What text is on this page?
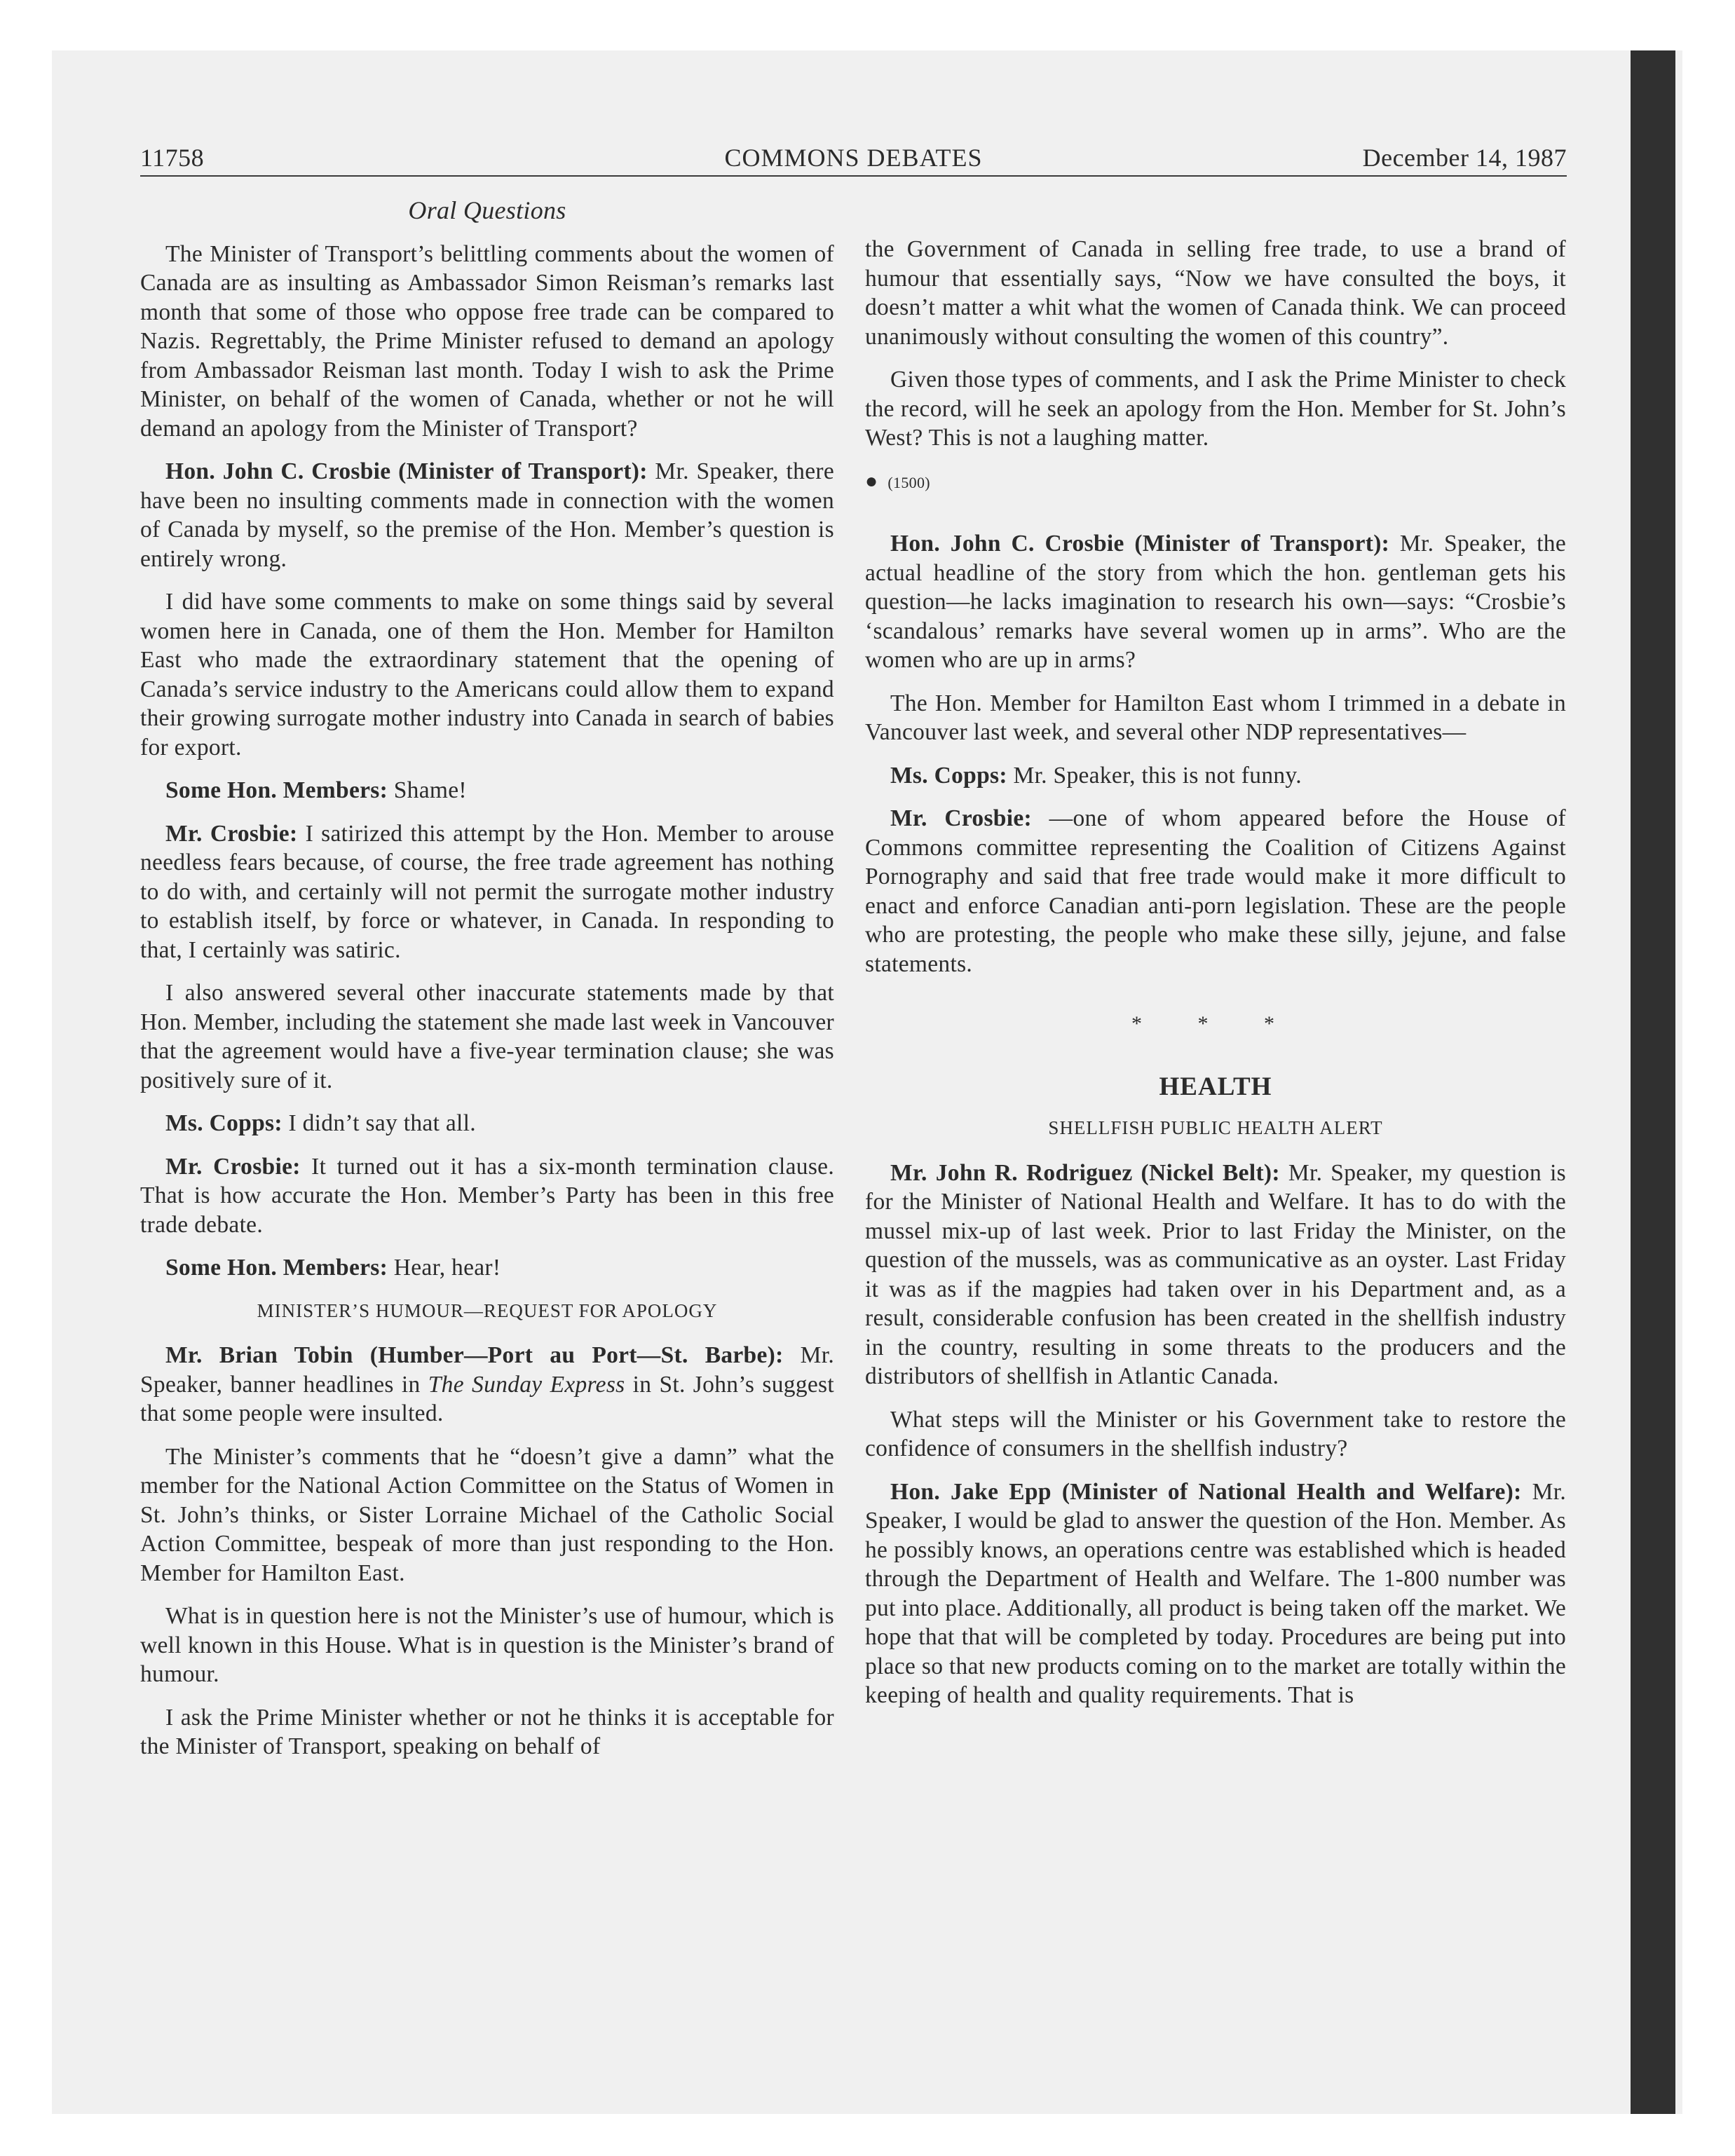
11758	COMMONS DEBATES	December 14, 1987
Oral Questions

The Minister of Transport’s belittling comments about the women of Canada are as insulting as Ambassador Simon Reisman’s remarks last month that some of those who oppose free trade can be compared to Nazis. Regrettably, the Prime Minister refused to demand an apology from Ambassador Reisman last month. Today I wish to ask the Prime Minister, on behalf of the women of Canada, whether or not he will demand an apology from the Minister of Transport?

Hon. John C. Crosbie (Minister of Transport): Mr. Speaker, there have been no insulting comments made in connection with the women of Canada by myself, so the premise of the Hon. Member’s question is entirely wrong.

I did have some comments to make on some things said by several women here in Canada, one of them the Hon. Member for Hamilton East who made the extraordinary statement that the opening of Canada’s service industry to the Americans could allow them to expand their growing surrogate mother industry into Canada in search of babies for export.

Some Hon. Members: Shame!

Mr. Crosbie: I satirized this attempt by the Hon. Member to arouse needless fears because, of course, the free trade agreement has nothing to do with, and certainly will not permit the surrogate mother industry to establish itself, by force or whatever, in Canada. In responding to that, I certainly was satiric.

I also answered several other inaccurate statements made by that Hon. Member, including the statement she made last week in Vancouver that the agreement would have a five-year termination clause; she was positively sure of it.

Ms. Copps: I didn’t say that all.

Mr. Crosbie: It turned out it has a six-month termination clause. That is how accurate the Hon. Member’s Party has been in this free trade debate.

Some Hon. Members: Hear, hear!

MINISTER’S HUMOUR—REQUEST FOR APOLOGY

Mr. Brian Tobin (Humber—Port au Port—St. Barbe): Mr. Speaker, banner headlines in The Sunday Express in St. John’s suggest that some people were insulted.

The Minister’s comments that he “doesn’t give a damn” what the member for the National Action Committee on the Status of Women in St. John’s thinks, or Sister Lorraine Michael of the Catholic Social Action Committee, bespeak of more than just responding to the Hon. Member for Hamilton East.

What is in question here is not the Minister’s use of humour, which is well known in this House. What is in question is the Minister’s brand of humour.

I ask the Prime Minister whether or not he thinks it is acceptable for the Minister of Transport, speaking on behalf of

the Government of Canada in selling free trade, to use a brand of humour that essentially says, “Now we have consulted the boys, it doesn’t matter a whit what the women of Canada think. We can proceed unanimously without consulting the women of this country”.

Given those types of comments, and I ask the Prime Minister to check the record, will he seek an apology from the Hon. Member for St. John’s West? This is not a laughing matter.

● (1500)

Hon. John C. Crosbie (Minister of Transport): Mr. Speaker, the actual headline of the story from which the hon. gentleman gets his question—he lacks imagination to research his own—says: “Crosbie’s ‘scandalous’ remarks have several women up in arms”. Who are the women who are up in arms?

The Hon. Member for Hamilton East whom I trimmed in a debate in Vancouver last week, and several other NDP representatives—

Ms. Copps: Mr. Speaker, this is not funny.

Mr. Crosbie: —one of whom appeared before the House of Commons committee representing the Coalition of Citizens Against Pornography and said that free trade would make it more difficult to enact and enforce Canadian anti-porn legislation. These are the people who are protesting, the people who make these silly, jejune, and false statements.

* * *
HEALTH
SHELLFISH PUBLIC HEALTH ALERT

Mr. John R. Rodriguez (Nickel Belt): Mr. Speaker, my question is for the Minister of National Health and Welfare. It has to do with the mussel mix-up of last week. Prior to last Friday the Minister, on the question of the mussels, was as communicative as an oyster. Last Friday it was as if the magpies had taken over in his Department and, as a result, considerable confusion has been created in the shellfish industry in the country, resulting in some threats to the producers and the distributors of shellfish in Atlantic Canada.

What steps will the Minister or his Government take to restore the confidence of consumers in the shellfish industry?

Hon. Jake Epp (Minister of National Health and Welfare): Mr. Speaker, I would be glad to answer the question of the Hon. Member. As he possibly knows, an operations centre was established which is headed through the Department of Health and Welfare. The 1-800 number was put into place. Additionally, all product is being taken off the market. We hope that that will be completed by today. Procedures are being put into place so that new products coming on to the market are totally within the keeping of health and quality requirements. That is
